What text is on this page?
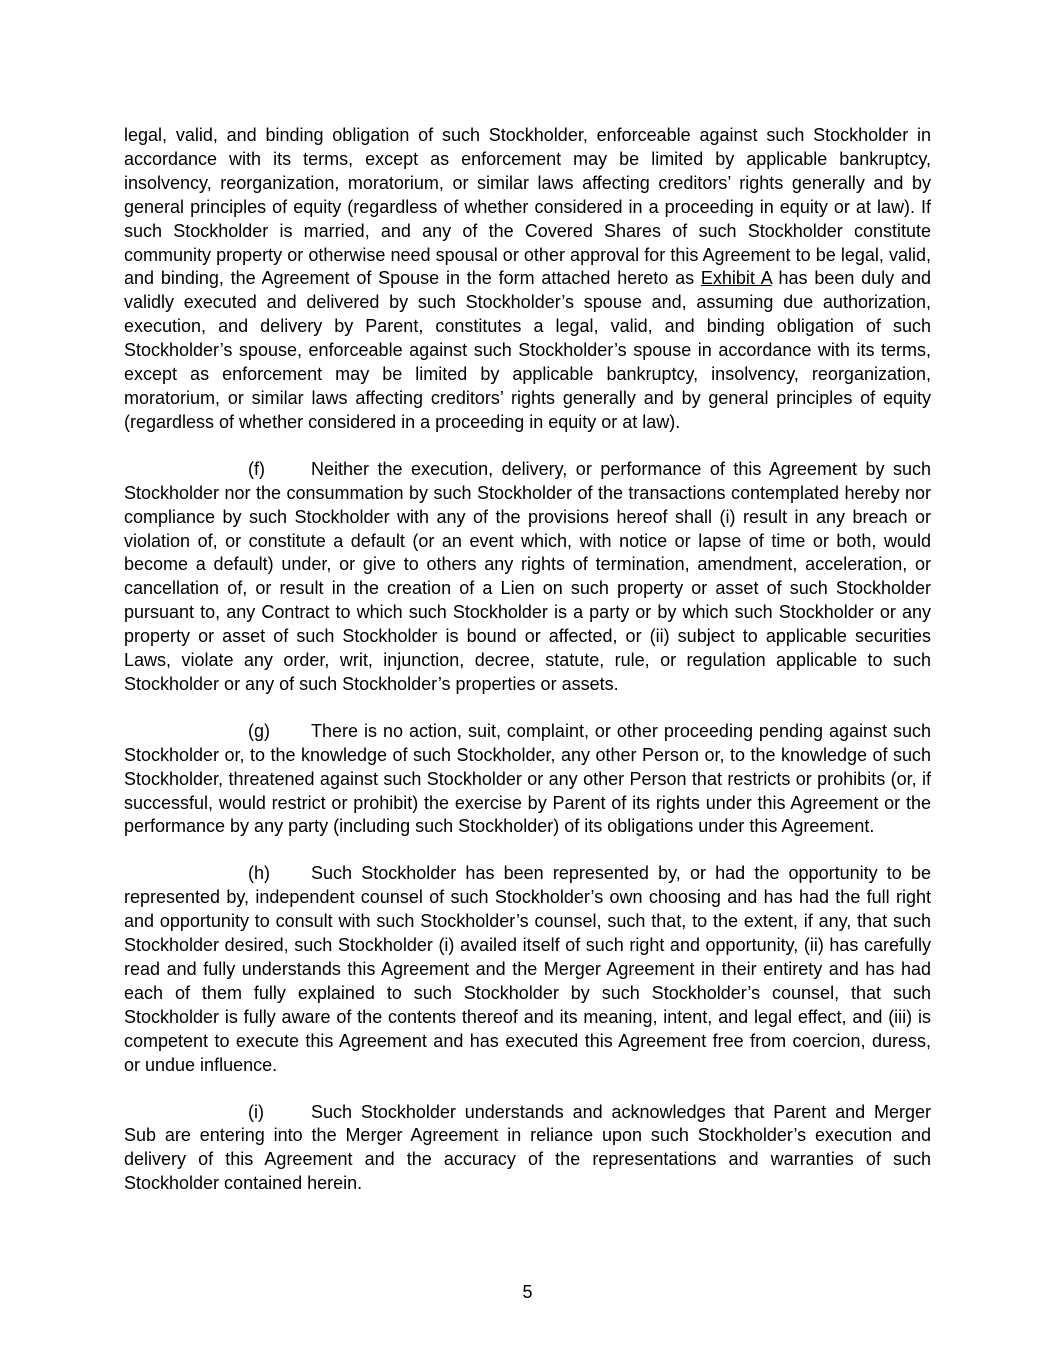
legal, valid, and binding obligation of such Stockholder, enforceable against such Stockholder in accordance with its terms, except as enforcement may be limited by applicable bankruptcy, insolvency, reorganization, moratorium, or similar laws affecting creditors’ rights generally and by general principles of equity (regardless of whether considered in a proceeding in equity or at law). If such Stockholder is married, and any of the Covered Shares of such Stockholder constitute community property or otherwise need spousal or other approval for this Agreement to be legal, valid, and binding, the Agreement of Spouse in the form attached hereto as Exhibit A has been duly and validly executed and delivered by such Stockholder’s spouse and, assuming due authorization, execution, and delivery by Parent, constitutes a legal, valid, and binding obligation of such Stockholder’s spouse, enforceable against such Stockholder’s spouse in accordance with its terms, except as enforcement may be limited by applicable bankruptcy, insolvency, reorganization, moratorium, or similar laws affecting creditors’ rights generally and by general principles of equity (regardless of whether considered in a proceeding in equity or at law).

(f)	Neither the execution, delivery, or performance of this Agreement by such Stockholder nor the consummation by such Stockholder of the transactions contemplated hereby nor compliance by such Stockholder with any of the provisions hereof shall (i) result in any breach or violation of, or constitute a default (or an event which, with notice or lapse of time or both, would become a default) under, or give to others any rights of termination, amendment, acceleration, or cancellation of, or result in the creation of a Lien on such property or asset of such Stockholder pursuant to, any Contract to which such Stockholder is a party or by which such Stockholder or any property or asset of such Stockholder is bound or affected, or (ii) subject to applicable securities Laws, violate any order, writ, injunction, decree, statute, rule, or regulation applicable to such Stockholder or any of such Stockholder’s properties or assets.

(g) There is no action, suit, complaint, or other proceeding pending against such Stockholder or, to the knowledge of such Stockholder, any other Person or, to the knowledge of such Stockholder, threatened against such Stockholder or any other Person that restricts or prohibits (or, if successful, would restrict or prohibit) the exercise by Parent of its rights under this Agreement or the performance by any party (including such Stockholder) of its obligations under this Agreement.

(h) Such Stockholder has been represented by, or had the opportunity to be represented by, independent counsel of such Stockholder’s own choosing and has had the full right and opportunity to consult with such Stockholder’s counsel, such that, to the extent, if any, that such Stockholder desired, such Stockholder (i) availed itself of such right and opportunity, (ii) has carefully read and fully understands this Agreement and the Merger Agreement in their entirety and has had each of them fully explained to such Stockholder by such Stockholder’s counsel, that such Stockholder is fully aware of the contents thereof and its meaning, intent, and legal effect, and (iii) is competent to execute this Agreement and has executed this Agreement free from coercion, duress, or undue influence.

(i)	Such Stockholder understands and acknowledges that Parent and Merger Sub are entering into the Merger Agreement in reliance upon such Stockholder’s execution and delivery of this Agreement and the accuracy of the representations and warranties of such Stockholder contained herein.

5
